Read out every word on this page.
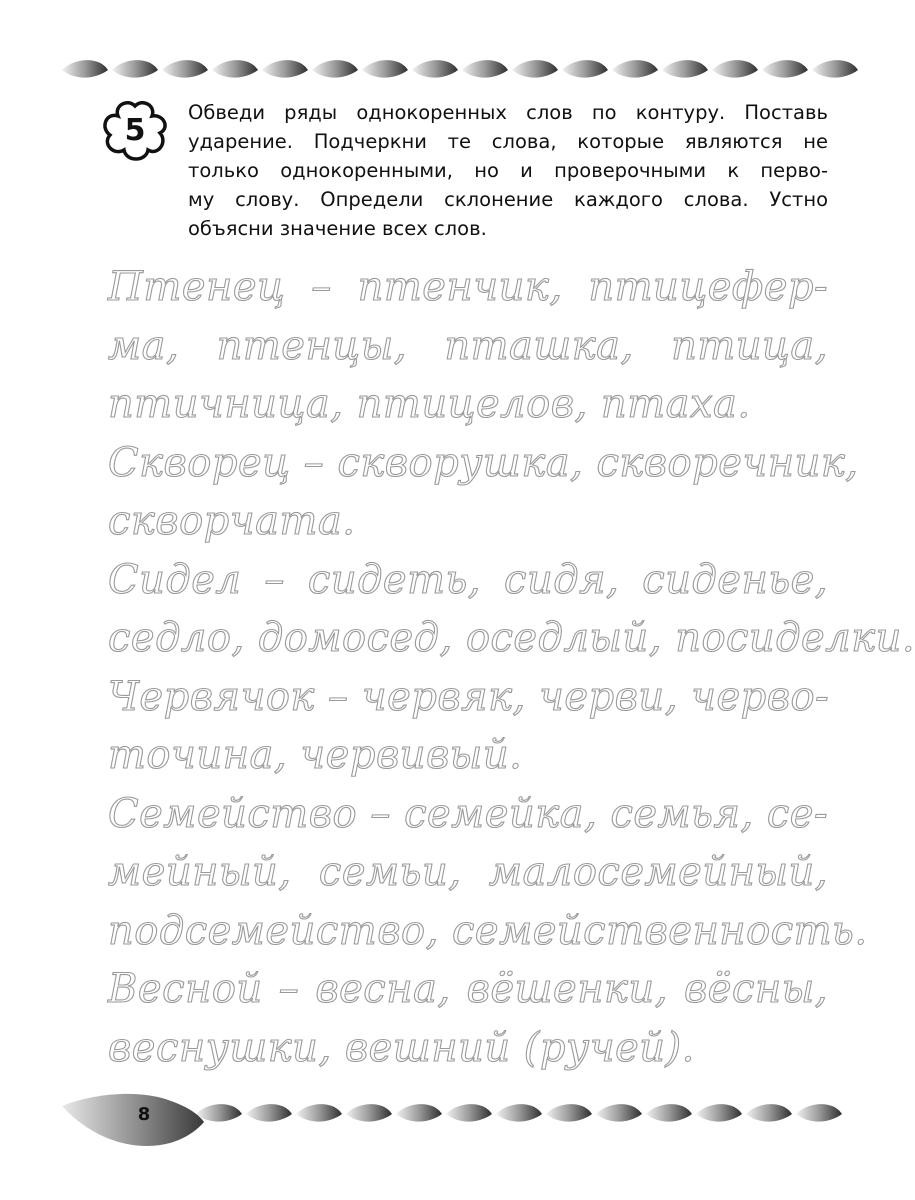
5	Обведи ряды однокоренных слов по контуру. Поставь
ударение. Подчеркни те слова, которые являются не
только однокоренными, но и проверочными к перво-
му слову. Определи склонение каждого слова. Устно
объясни значение всех слов.
Птенец – птенчик, птицефер-
ма, птенцы, пташка, птица,
птичница, птицелов, птаха.
Скворец – скворушка, скворечник,
скворчата.
Сидел – сидеть, сидя, сиденье,
седло, домосед, оседлый, посиделки.
Червячок – червяк, черви, черво-
точина, червивый.
Семейство – семейка, семья, се-
мейный, семьи, малосемейный,
подсемейство, семейственность.
Весной – весна, вёшенки, вёсны,
веснушки, вешний (ручей).
8
